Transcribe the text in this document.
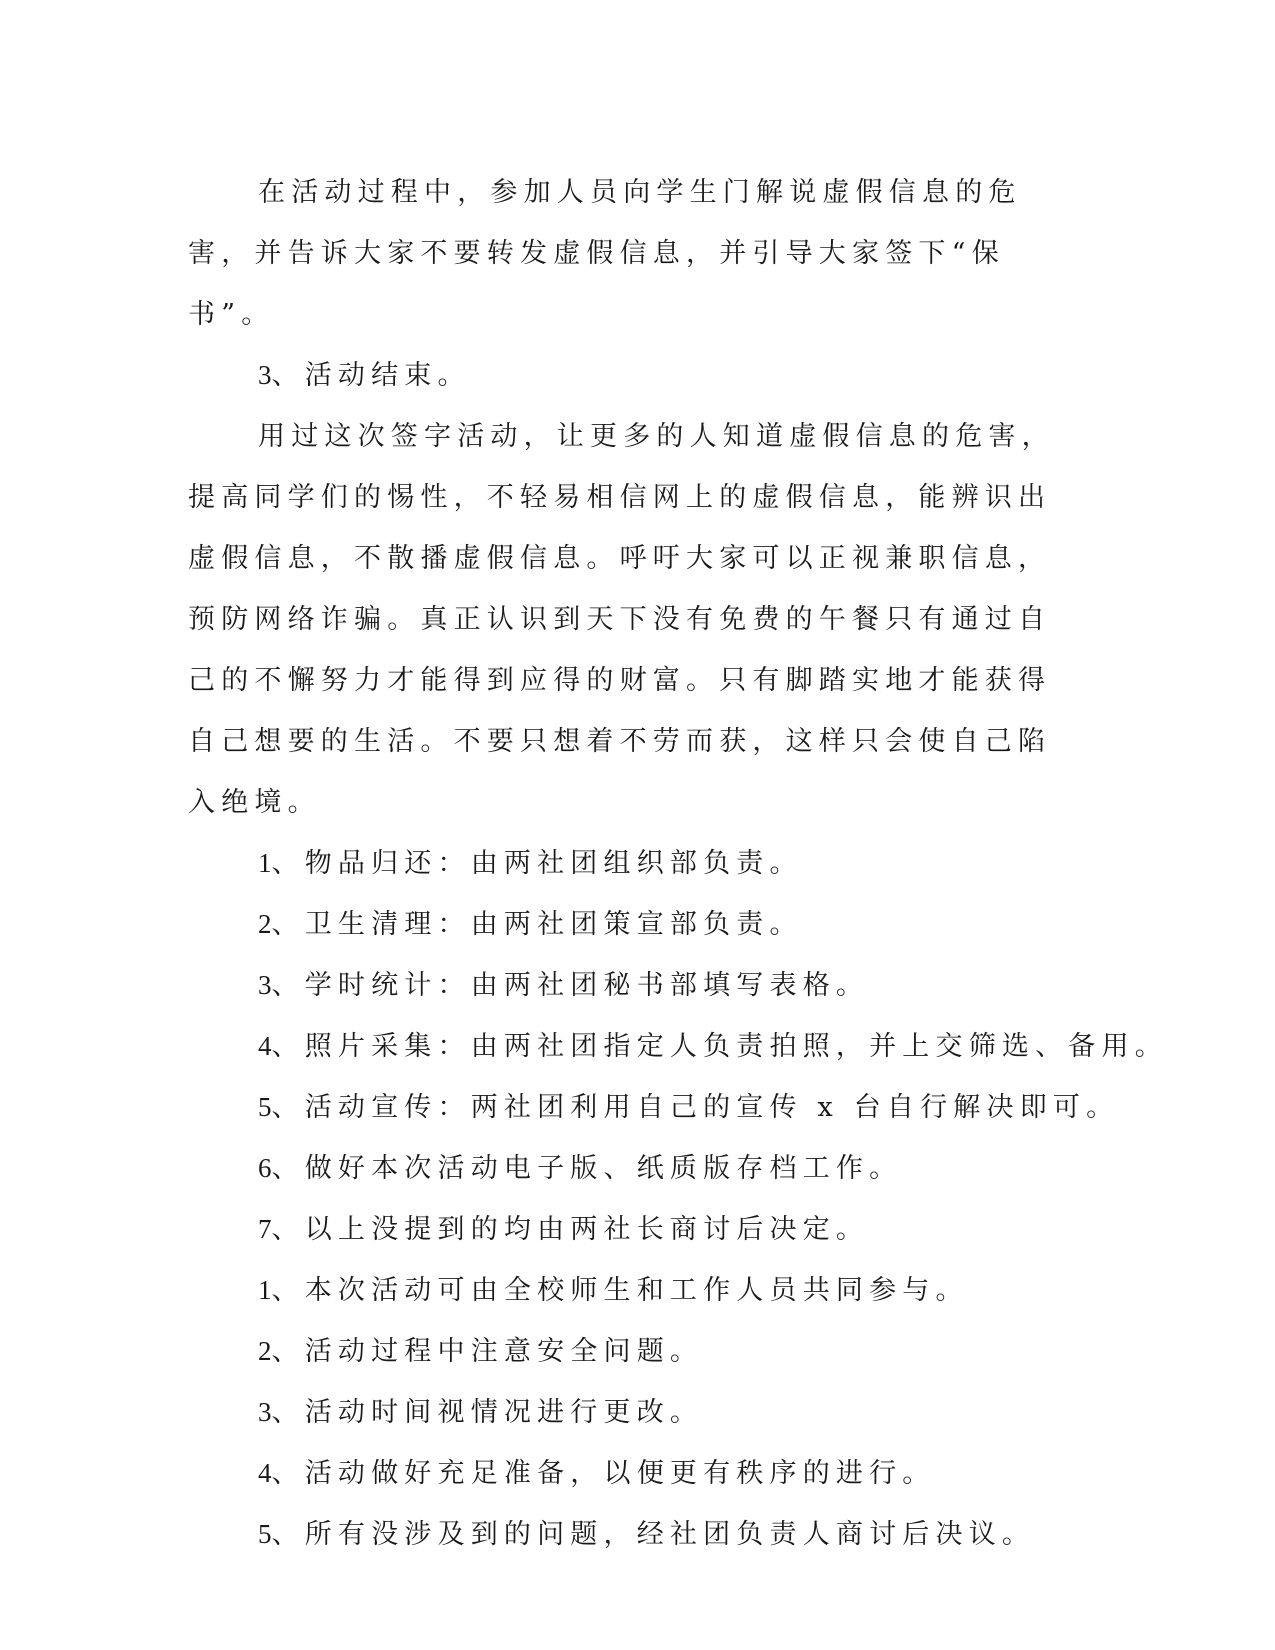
在活动过程中，参加人员向学生门解说虚假信息的危害，并告诉大家不要转发虚假信息，并引导大家签下“保书”。

3、活动结束。

用过这次签字活动，让更多的人知道虚假信息的危害，提高同学们的惕性，不轻易相信网上的虚假信息，能辨识出虚假信息，不散播虚假信息。呼吁大家可以正视兼职信息，预防网络诈骗。真正认识到天下没有免费的午餐只有通过自己的不懈努力才能得到应得的财富。只有脚踏实地才能获得自己想要的生活。不要只想着不劳而获，这样只会使自己陷入绝境。

1、物品归还：由两社团组织部负责。

2、卫生清理：由两社团策宣部负责。

3、学时统计：由两社团秘书部填写表格。

4、照片采集：由两社团指定人负责拍照，并上交筛选、备用。

5、活动宣传：两社团利用自己的宣传 x 台自行解决即可。

6、做好本次活动电子版、纸质版存档工作。

7、以上没提到的均由两社长商讨后决定。

1、本次活动可由全校师生和工作人员共同参与。

2、活动过程中注意安全问题。

3、活动时间视情况进行更改。

4、活动做好充足准备，以便更有秩序的进行。

5、所有没涉及到的问题，经社团负责人商讨后决议。
